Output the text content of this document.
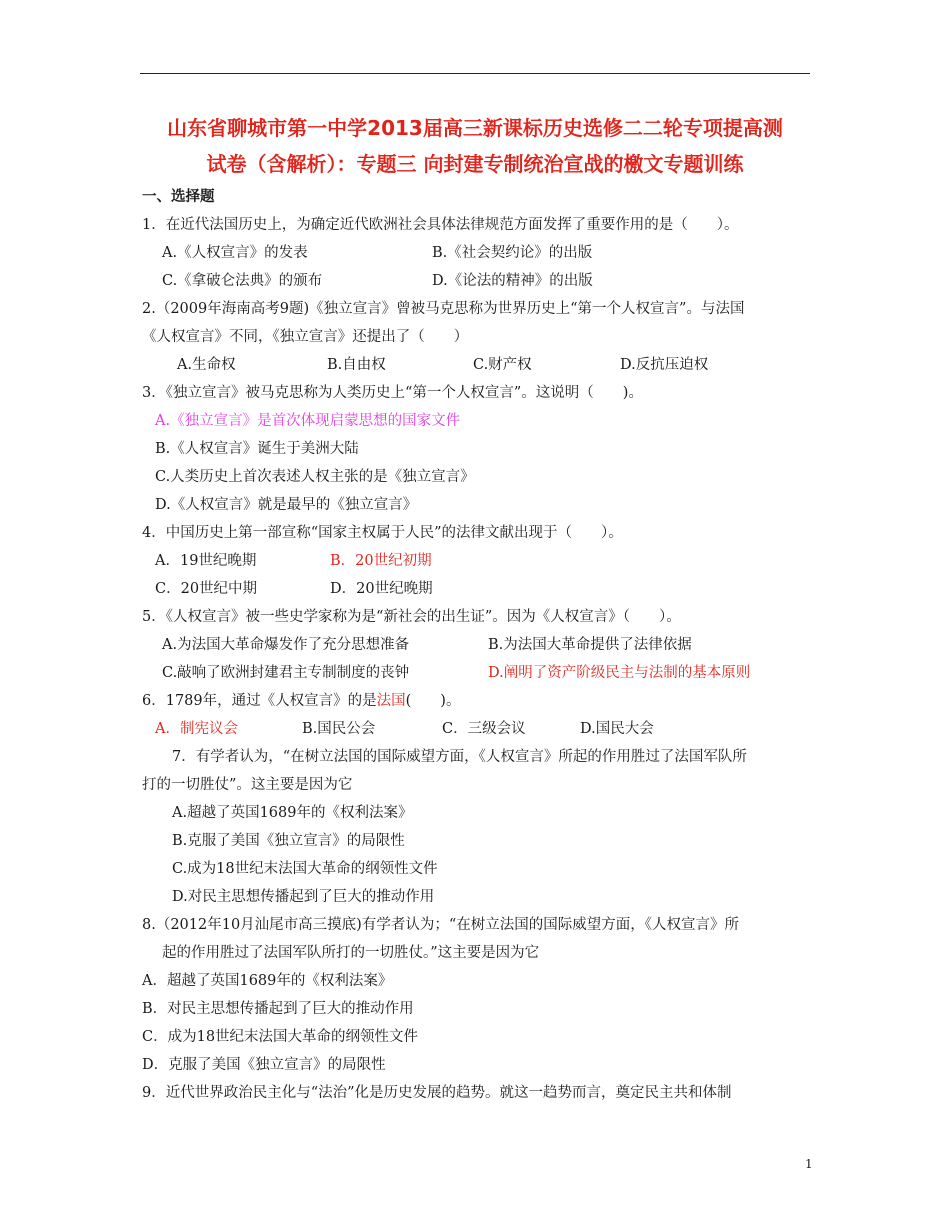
山东省聊城市第一中学2013届高三新课标历史选修二二轮专项提高测
试卷（含解析）：专题三 向封建专制统治宣战的檄文专题训练
一、选择题
1．在近代法国历史上，为确定近代欧洲社会具体法律规范方面发挥了重要作用的是（　　）。
A.《人权宣言》的发表	B.《社会契约论》的出版
C.《拿破仑法典》的颁布	D.《论法的精神》的出版
2.（2009年海南高考9题)《独立宣言》曾被马克思称为世界历史上“第一个人权宣言”。与法国
《人权宣言》不同，《独立宣言》还提出了（　　）
A.生命权	B.自由权	C.财产权	D.反抗压迫权
3．《独立宣言》被马克思称为人类历史上“第一个人权宣言”。这说明（　　)。
A.《独立宣言》是首次体现启蒙思想的国家文件
B.《人权宣言》诞生于美洲大陆
C.人类历史上首次表述人权主张的是《独立宣言》
D.《人权宣言》就是最早的《独立宣言》
4．中国历史上第一部宣称“国家主权属于人民”的法律文献出现于（　　）。
A．19世纪晚期	B．20世纪初期
C．20世纪中期	D．20世纪晚期
5．《人权宣言》被一些史学家称为是“新社会的出生证”。因为《人权宣言》（　　）。
A.为法国大革命爆发作了充分思想准备	B.为法国大革命提供了法律依据
C.敲响了欧洲封建君主专制制度的丧钟	D.阐明了资产阶级民主与法制的基本原则
6．1789年，通过《人权宣言》的是法国(　　)。
A．制宪议会	B.国民公会	C．三级会议	D.国民大会
7．有学者认为，“在树立法国的国际威望方面，《人权宣言》所起的作用胜过了法国军队所
打的一切胜仗”。这主要是因为它
A.超越了英国1689年的《权利法案》
B.克服了美国《独立宣言》的局限性
C.成为18世纪末法国大革命的纲领性文件
D.对民主思想传播起到了巨大的推动作用
8.（2012年10月汕尾市高三摸底)有学者认为；“在树立法国的国际威望方面，《人权宣言》所
起的作用胜过了法国军队所打的一切胜仗。”这主要是因为它
A．超越了英国1689年的《权利法案》
B．对民主思想传播起到了巨大的推动作用
C．成为18世纪末法国大革命的纲领性文件
D．克服了美国《独立宣言》的局限性
9．近代世界政治民主化与“法治”化是历史发展的趋势。就这一趋势而言，奠定民主共和体制
1
